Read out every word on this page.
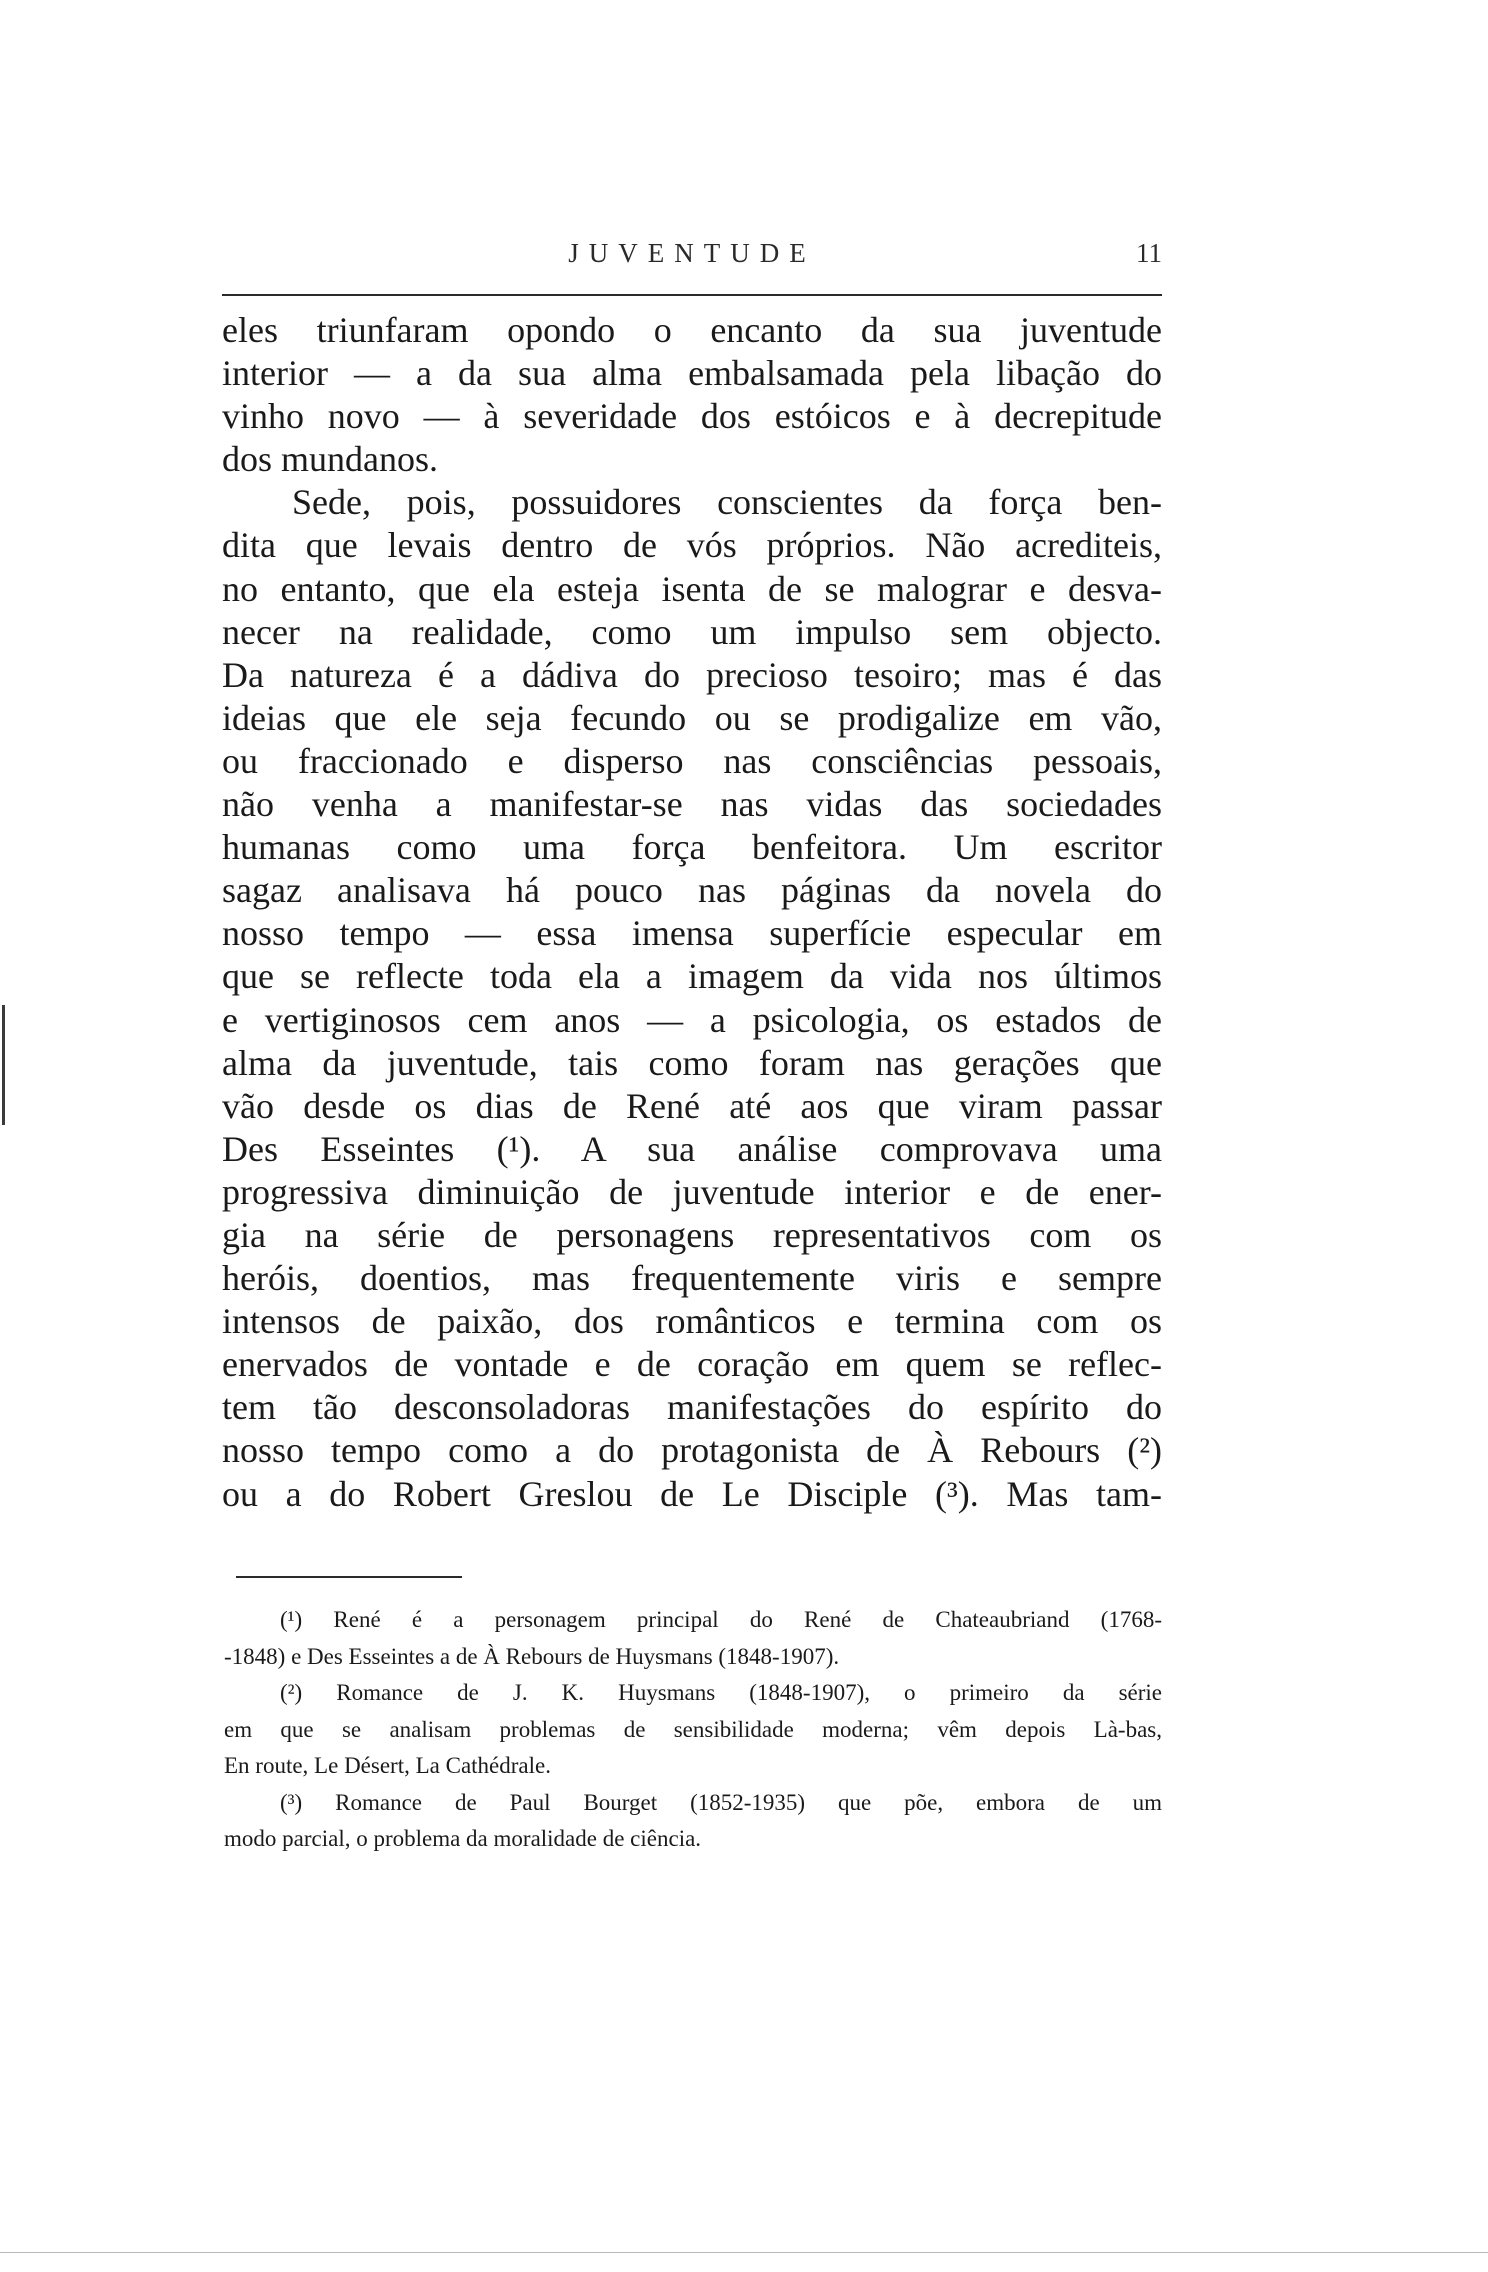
JUVENTUDE	11
eles triunfaram opondo o encanto da sua juventude
interior — a da sua alma embalsamada pela libação do
vinho novo — à severidade dos estóicos e à decrepitude
dos mundanos.
Sede, pois, possuidores conscientes da força ben-
dita que levais dentro de vós próprios. Não acrediteis,
no entanto, que ela esteja isenta de se malograr e desva-
necer na realidade, como um impulso sem objecto.
Da natureza é a dádiva do precioso tesoiro; mas é das
ideias que ele seja fecundo ou se prodigalize em vão,
ou fraccionado e disperso nas consciências pessoais,
não venha a manifestar-se nas vidas das sociedades
humanas como uma força benfeitora. Um escritor
sagaz analisava há pouco nas páginas da novela do
nosso tempo — essa imensa superfície especular em
que se reflecte toda ela a imagem da vida nos últimos
e vertiginosos cem anos — a psicologia, os estados de
alma da juventude, tais como foram nas gerações que
vão desde os dias de René até aos que viram passar
Des Esseintes (¹). A sua análise comprovava uma
progressiva diminuição de juventude interior e de ener-
gia na série de personagens representativos com os
heróis, doentios, mas frequentemente viris e sempre
intensos de paixão, dos românticos e termina com os
enervados de vontade e de coração em quem se reflec-
tem tão desconsoladoras manifestações do espírito do
nosso tempo como a do protagonista de À Rebours (²)
ou a do Robert Greslou de Le Disciple (³). Mas tam-
(¹) René é a personagem principal do René de Chateaubriand (1768-
-1848) e Des Esseintes a de À Rebours de Huysmans (1848-1907).
(²) Romance de J. K. Huysmans (1848-1907), o primeiro da série
em que se analisam problemas de sensibilidade moderna; vêm depois Là-bas,
En route, Le Désert, La Cathédrale.
(³) Romance de Paul Bourget (1852-1935) que põe, embora de um
modo parcial, o problema da moralidade de ciência.
